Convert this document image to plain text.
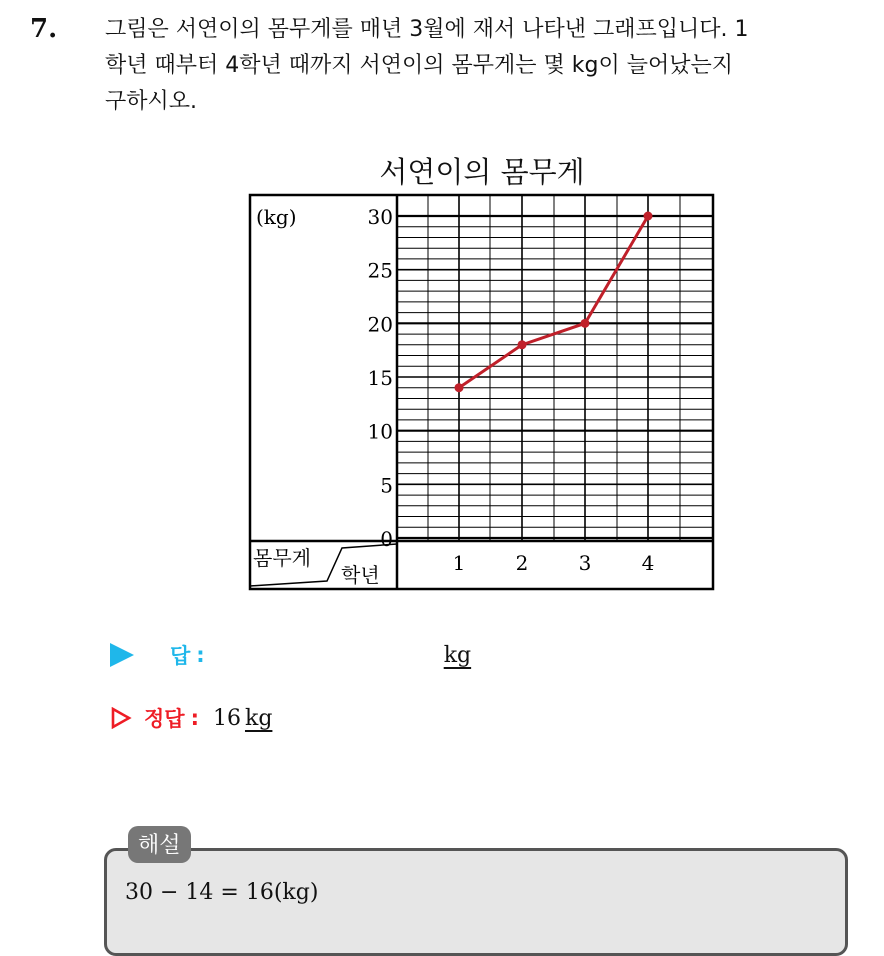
7. 그림은 서연이의 몸무게를 매년 3월에 재서 나타낸 그래프입니다. 1
학년 때부터 4학년 때까지 서연이의 몸무게는 몇 kg이 늘어났는지
구하시오.
서연이의 몸무게
(kg)
0
5
10
15
20
25
30
1	2	3	4
몸무게
학년
답 :	kg
정답 : 16 kg
해설
30 − 14 = 16(kg)
